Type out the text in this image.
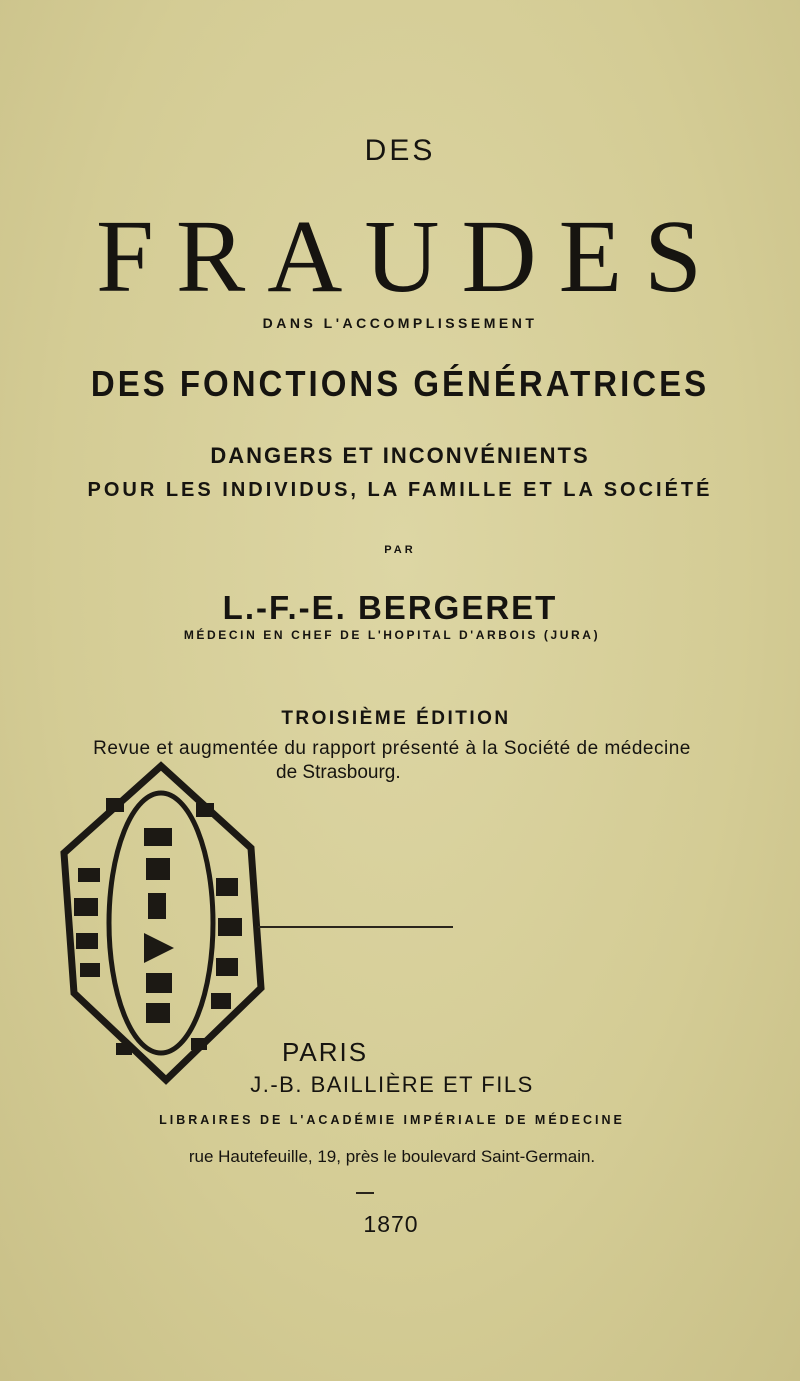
DES
FRAUDES
DANS L'ACCOMPLISSEMENT
DES FONCTIONS GÉNÉRATRICES
DANGERS ET INCONVÉNIENTS
POUR LES INDIVIDUS, LA FAMILLE ET LA SOCIÉTÉ
PAR
L.-F.-E. BERGERET
MÉDECIN EN CHEF DE L'HOPITAL D'ARBOIS (JURA)
TROISIÈME ÉDITION
Revue et augmentée du rapport présenté à la Société de médecine
de Strasbourg.
PARIS
J.-B. BAILLIÈRE ET FILS
LIBRAIRES DE L'ACADÉMIE IMPÉRIALE DE MÉDECINE
rue Hautefeuille, 19, près le boulevard Saint-Germain.
1870
